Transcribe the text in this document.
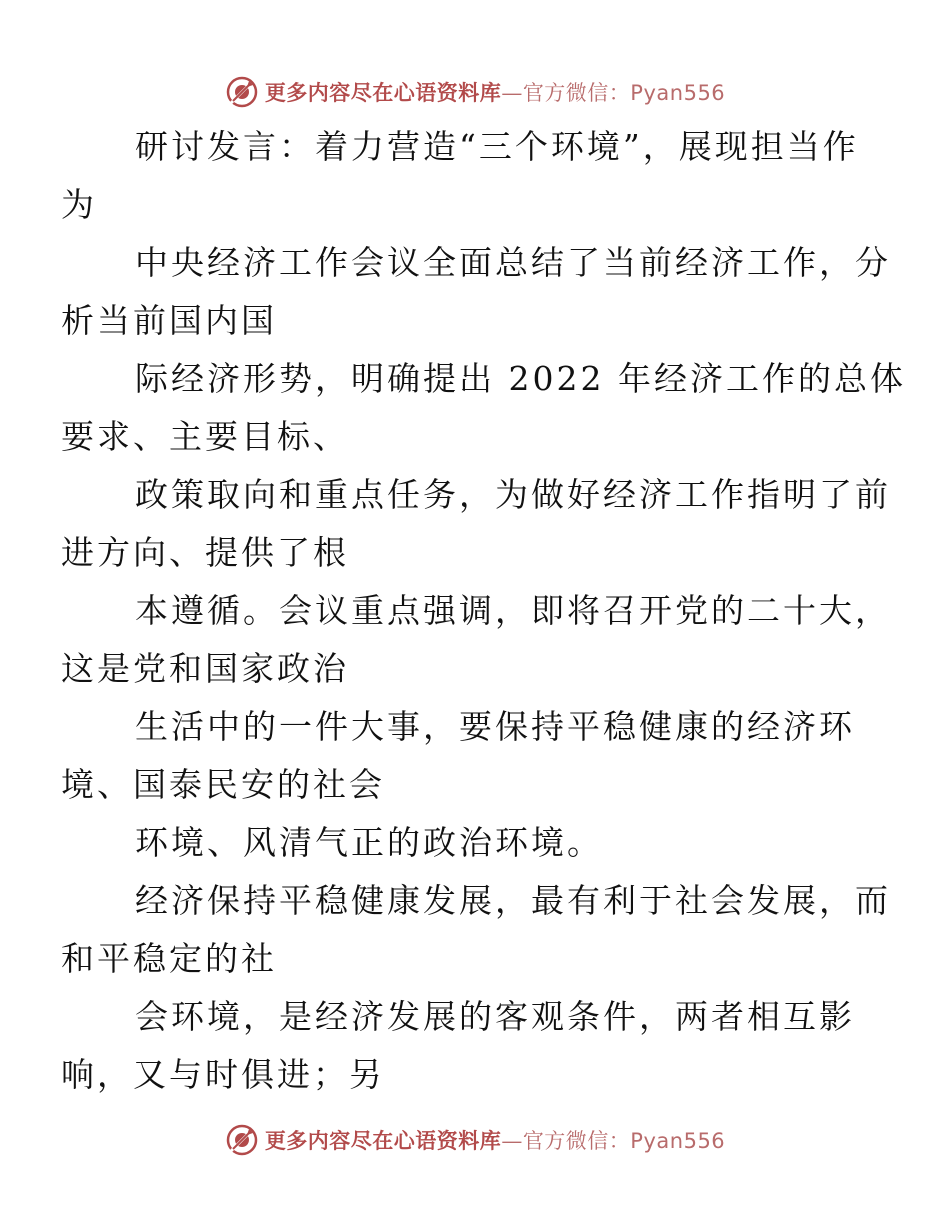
更多内容尽在心语资料库—官方微信：Pyan556

研讨发言：着力营造“三个环境”，展现担当作
为

中央经济工作会议全面总结了当前经济工作，分
析当前国内国

际经济形势，明确提出 2022 年经济工作的总体
要求、主要目标、

政策取向和重点任务，为做好经济工作指明了前
进方向、提供了根

本遵循。会议重点强调，即将召开党的二十大，
这是党和国家政治

生活中的一件大事，要保持平稳健康的经济环
境、国泰民安的社会

环境、风清气正的政治环境。

经济保持平稳健康发展，最有利于社会发展，而
和平稳定的社

会环境，是经济发展的客观条件，两者相互影
响，又与时俱进；另

更多内容尽在心语资料库—官方微信：Pyan556
